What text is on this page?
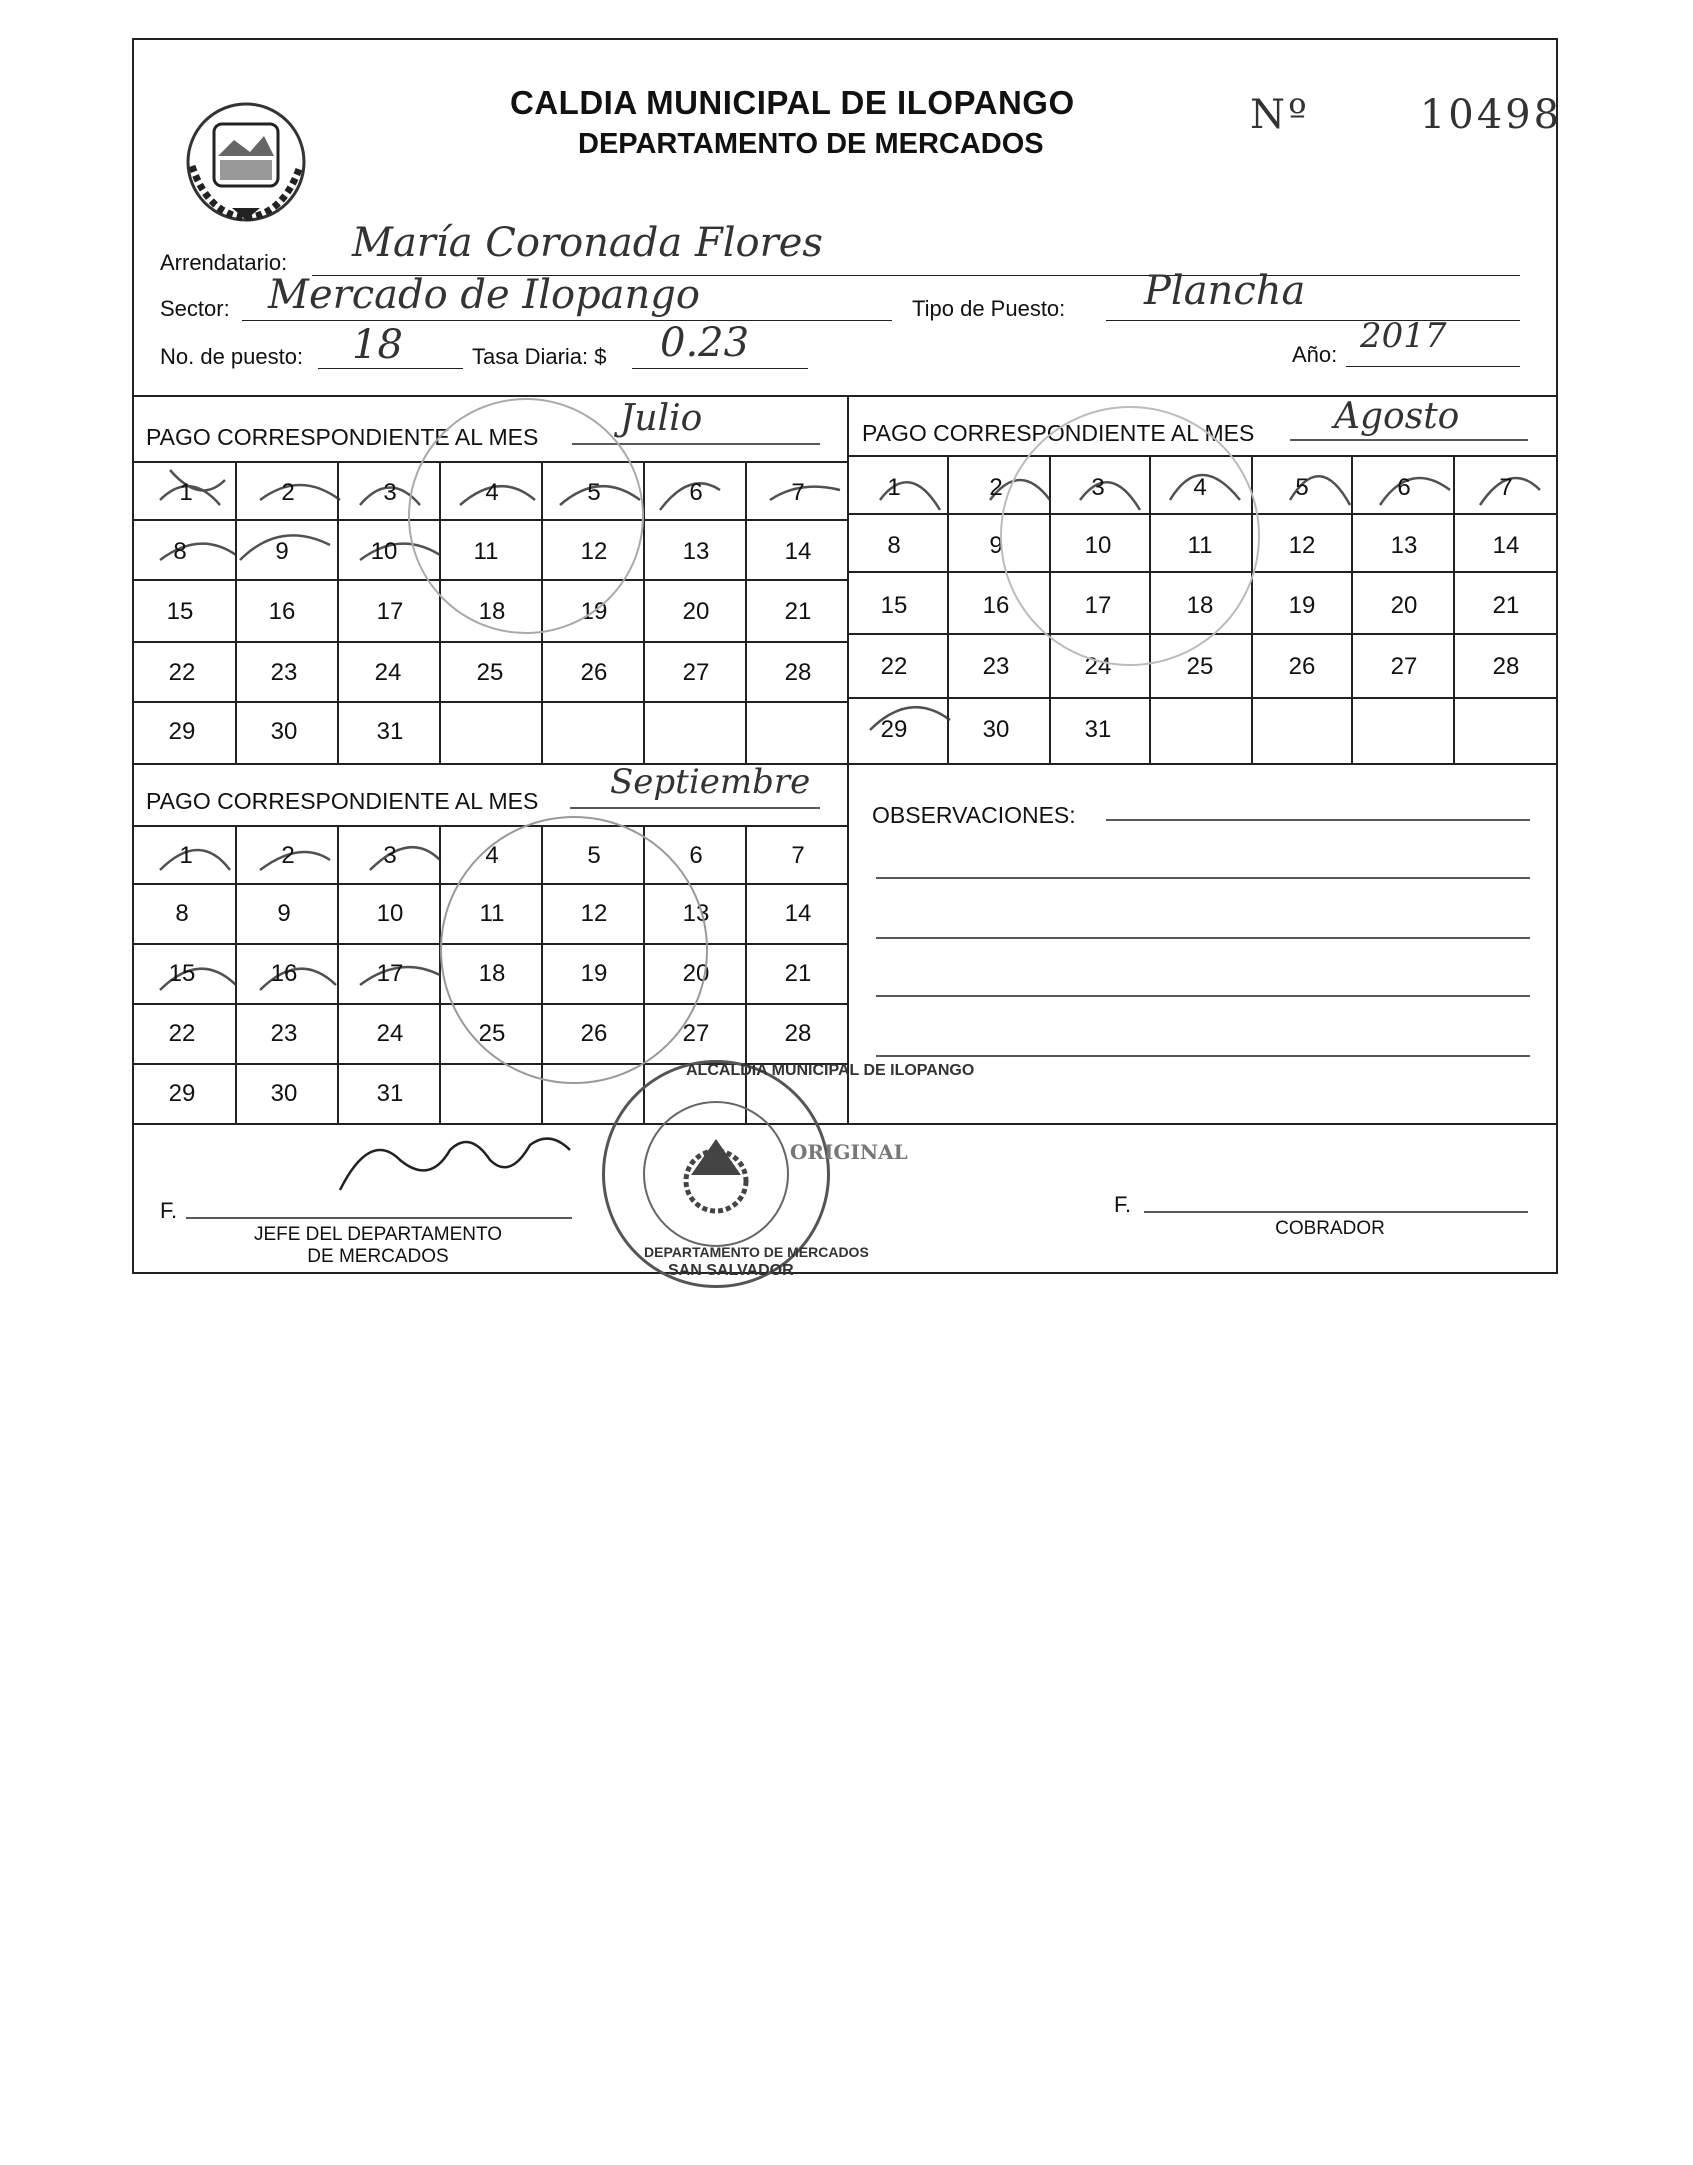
CALDIA MUNICIPAL DE ILOPANGO
DEPARTAMENTO DE MERCADOS
Nº	10498
Arrendatario: María Coronada Flores
Sector: Mercado de Ilopango	Tipo de Puesto: Plancha
No. de puesto: 18	Tasa Diaria: $ 0.23	Año: 2017
PAGO CORRESPONDIENTE AL MES Julio	PAGO CORRESPONDIENTE AL MES Agosto
PAGO CORRESPONDIENTE AL MES Septiembre
OBSERVACIONES:
1	2	3	4	5	6	7
8	9	10	11	12	13	14
15	16	17	18	19	20	21
22	23	24	25	26	27	28
29	30	31
1	2	3	4	5	6	7
8	9	10	11	12	13	14
15	16	17	18	19	20	21
22	23	24	25	26	27	28
29	30	31
1	2	3	4	5	6	7
8	9	10	11	12	13	14
15	16	17	18	19	20	21
22	23	24	25	26	27	28
29	30	31
ALCALDIA MUNICIPAL DE ILOPANGO
DEPARTAMENTO DE MERCADOS
SAN SALVADOR
ORIGINAL
F.
JEFE DEL DEPARTAMENTO
DE MERCADOS
F.
COBRADOR
